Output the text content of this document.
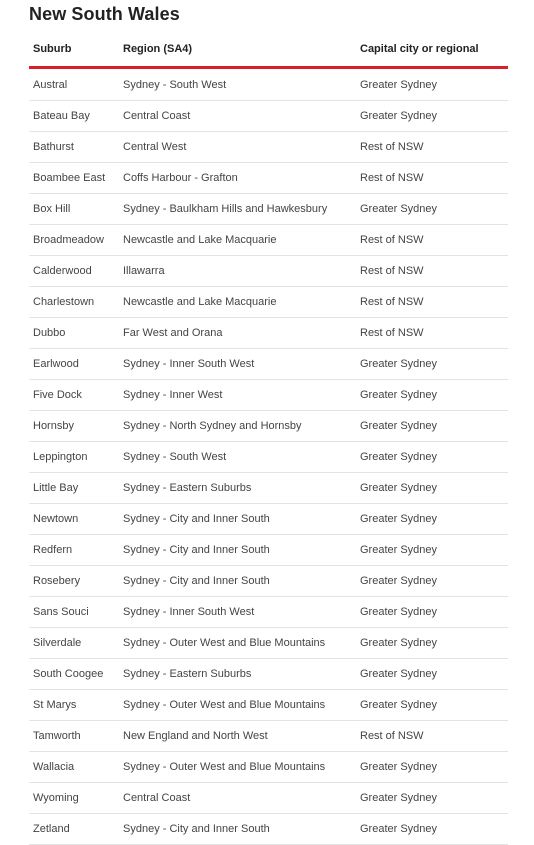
New South Wales
Suburb	Region (SA4)	Capital city or regional
Austral	Sydney - South West	Greater Sydney
Bateau Bay	Central Coast	Greater Sydney
Bathurst	Central West	Rest of NSW
Boambee East	Coffs Harbour - Grafton	Rest of NSW
Box Hill	Sydney - Baulkham Hills and Hawkesbury	Greater Sydney
Broadmeadow	Newcastle and Lake Macquarie	Rest of NSW
Calderwood	Illawarra	Rest of NSW
Charlestown	Newcastle and Lake Macquarie	Rest of NSW
Dubbo	Far West and Orana	Rest of NSW
Earlwood	Sydney - Inner South West	Greater Sydney
Five Dock	Sydney - Inner West	Greater Sydney
Hornsby	Sydney - North Sydney and Hornsby	Greater Sydney
Leppington	Sydney - South West	Greater Sydney
Little Bay	Sydney - Eastern Suburbs	Greater Sydney
Newtown	Sydney - City and Inner South	Greater Sydney
Redfern	Sydney - City and Inner South	Greater Sydney
Rosebery	Sydney - City and Inner South	Greater Sydney
Sans Souci	Sydney - Inner South West	Greater Sydney
Silverdale	Sydney - Outer West and Blue Mountains	Greater Sydney
South Coogee	Sydney - Eastern Suburbs	Greater Sydney
St Marys	Sydney - Outer West and Blue Mountains	Greater Sydney
Tamworth	New England and North West	Rest of NSW
Wallacia	Sydney - Outer West and Blue Mountains	Greater Sydney
Wyoming	Central Coast	Greater Sydney
Zetland	Sydney - City and Inner South	Greater Sydney
